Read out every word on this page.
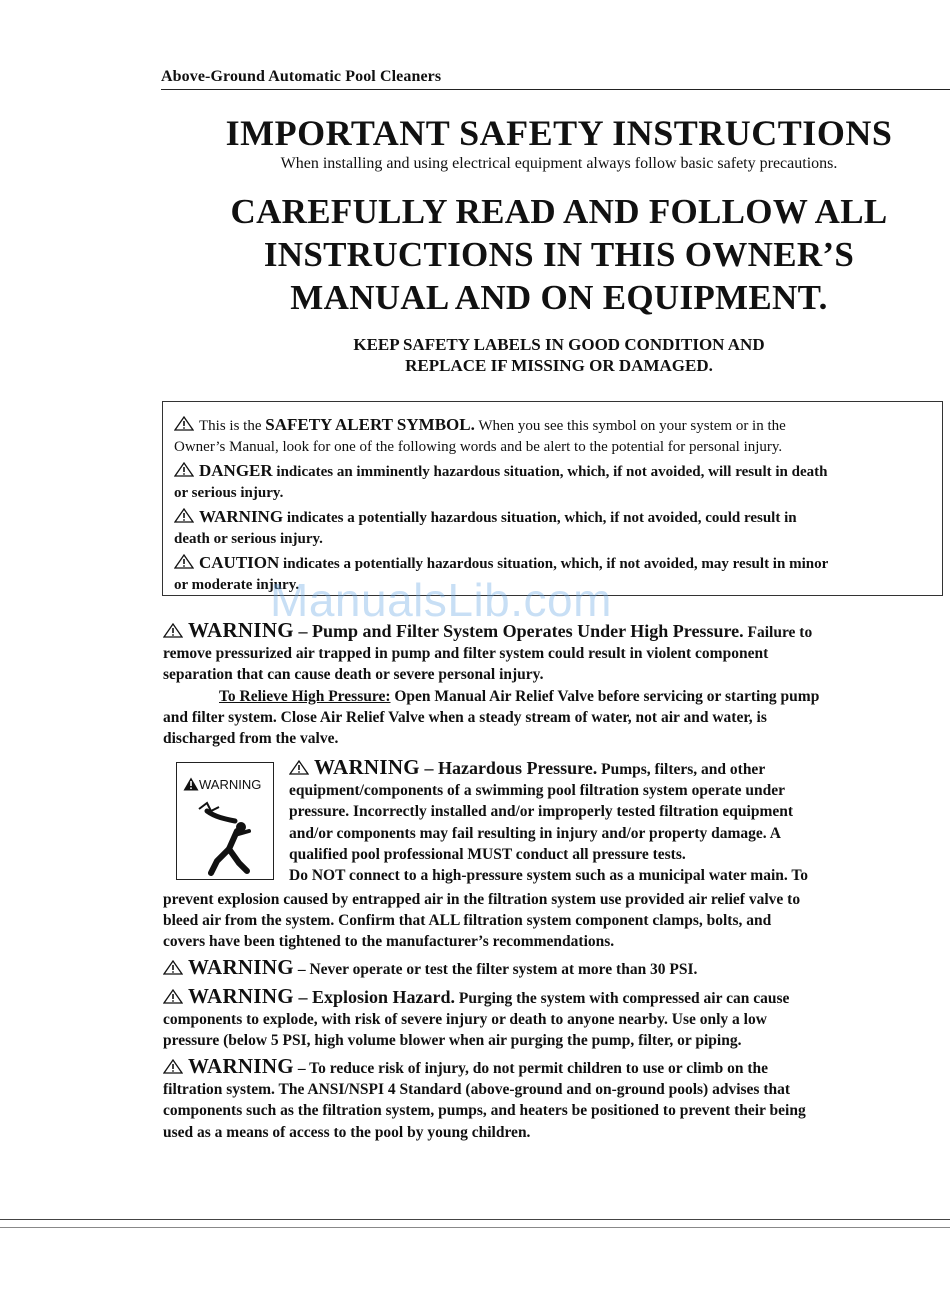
Above-Ground Automatic Pool Cleaners
IMPORTANT SAFETY INSTRUCTIONS
When installing and using electrical equipment always follow basic safety precautions.
CAREFULLY READ AND FOLLOW ALL
INSTRUCTIONS IN THIS OWNER’S
MANUAL AND ON EQUIPMENT.
KEEP SAFETY LABELS IN GOOD CONDITION AND
REPLACE IF MISSING OR DAMAGED.
This is the SAFETY ALERT SYMBOL. When you see this symbol on your system or in the
Owner’s Manual, look for one of the following words and be alert to the potential for personal injury.
DANGER indicates an imminently hazardous situation, which, if not avoided, will result in death
or serious injury.
WARNING indicates a potentially hazardous situation, which, if not avoided, could result in
death or serious injury.
CAUTION indicates a potentially hazardous situation, which, if not avoided, may result in minor
or moderate injury.
ManualsLib.com
WARNING – Pump and Filter System Operates Under High Pressure. Failure to
remove pressurized air trapped in pump and filter system could result in violent component
separation that can cause death or severe personal injury.
To Relieve High Pressure: Open Manual Air Relief Valve before servicing or starting pump
and filter system. Close Air Relief Valve when a steady stream of water, not air and water, is
discharged from the valve.
WARNING
WARNING – Hazardous Pressure. Pumps, filters, and other
equipment/components of a swimming pool filtration system operate under
pressure. Incorrectly installed and/or improperly tested filtration equipment
and/or components may fail resulting in injury and/or property damage. A
qualified pool professional MUST conduct all pressure tests.
Do NOT connect to a high-pressure system such as a municipal water main. To
prevent explosion caused by entrapped air in the filtration system use provided air relief valve to
bleed air from the system. Confirm that ALL filtration system component clamps, bolts, and
covers have been tightened to the manufacturer’s recommendations.
WARNING – Never operate or test the filter system at more than 30 PSI.
WARNING – Explosion Hazard. Purging the system with compressed air can cause
components to explode, with risk of severe injury or death to anyone nearby. Use only a low
pressure (below 5 PSI, high volume blower when air purging the pump, filter, or piping.
WARNING – To reduce risk of injury, do not permit children to use or climb on the
filtration system. The ANSI/NSPI 4 Standard (above-ground and on-ground pools) advises that
components such as the filtration system, pumps, and heaters be positioned to prevent their being
used as a means of access to the pool by young children.
